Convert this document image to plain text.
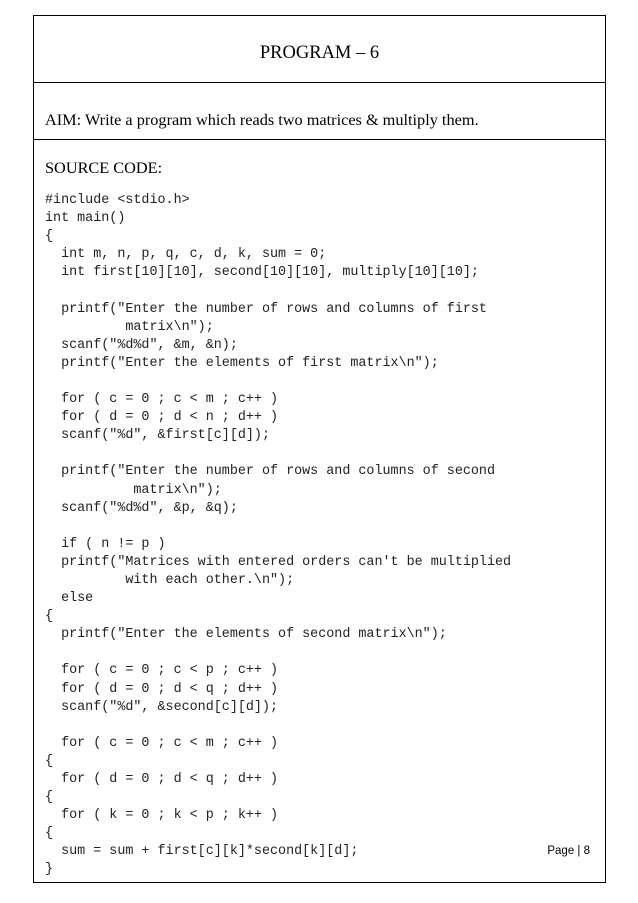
PROGRAM – 6
AIM: Write a program which reads two matrices & multiply them.
SOURCE CODE:
#include <stdio.h>
int main()
{
int m, n, p, q, c, d, k, sum = 0;
int first[10][10], second[10][10], multiply[10][10];
printf("Enter the number of rows and columns of first
matrix\n");
scanf("%d%d", &m, &n);
printf("Enter the elements of first matrix\n");
for ( c = 0 ; c < m ; c++ )
for ( d = 0 ; d < n ; d++ )
scanf("%d", &first[c][d]);
printf("Enter the number of rows and columns of second
matrix\n");
scanf("%d%d", &p, &q);
if ( n != p )
printf("Matrices with entered orders can't be multiplied
with each other.\n");
else
{
printf("Enter the elements of second matrix\n");
for ( c = 0 ; c < p ; c++ )
for ( d = 0 ; d < q ; d++ )
scanf("%d", &second[c][d]);
for ( c = 0 ; c < m ; c++ )
{
for ( d = 0 ; d < q ; d++ )
{
for ( k = 0 ; k < p ; k++ )
{
sum = sum + first[c][k]*second[k][d];
}
Page | 8
